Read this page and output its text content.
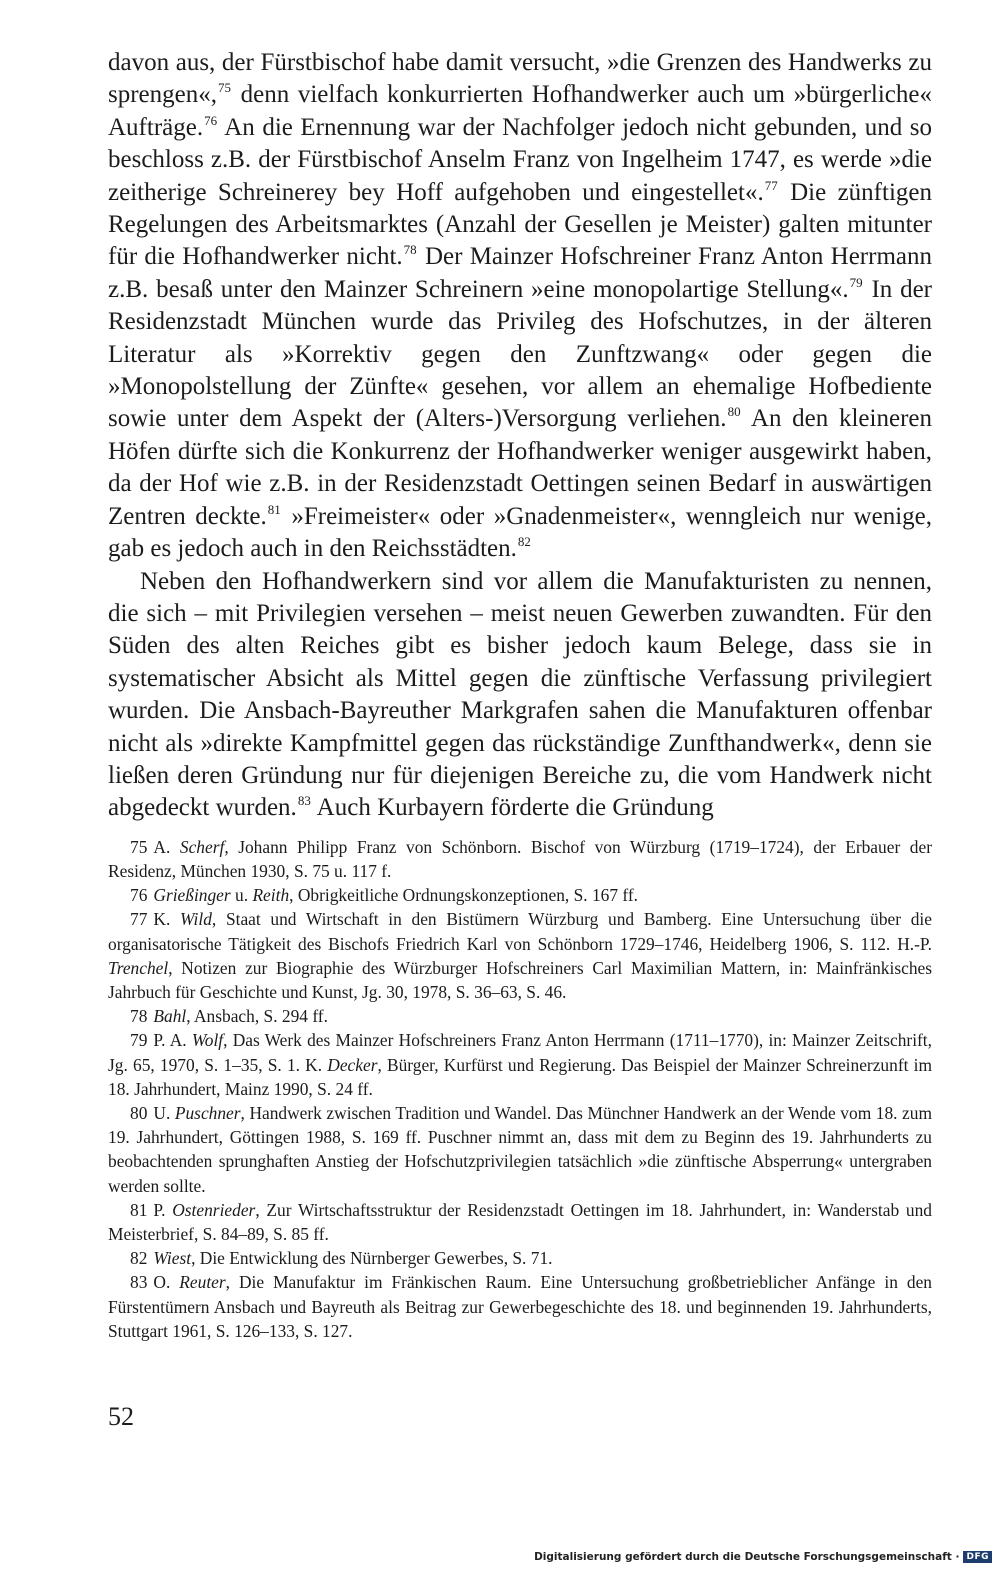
davon aus, der Fürstbischof habe damit versucht, »die Grenzen des Handwerks zu sprengen«,$^{75}$ denn vielfach konkurrierten Hofhandwerker auch um »bürgerliche« Aufträge.$^{76}$ An die Ernennung war der Nachfolger jedoch nicht gebunden, und so beschloss z.B. der Fürstbischof Anselm Franz von Ingelheim 1747, es werde »die zeitherige Schreinerey bey Hoff aufgehoben und eingestellet«.$^{77}$ Die zünftigen Regelungen des Arbeitsmarktes (Anzahl der Gesellen je Meister) galten mitunter für die Hofhandwerker nicht.$^{78}$ Der Mainzer Hofschreiner Franz Anton Herrmann z.B. besaß unter den Mainzer Schreinern »eine monopolartige Stellung«.$^{79}$ In der Residenzstadt München wurde das Privileg des Hofschutzes, in der älteren Literatur als »Korrektiv gegen den Zunftzwang« oder gegen die »Monopolstellung der Zünfte« gesehen, vor allem an ehemalige Hofbediente sowie unter dem Aspekt der (Alters-)Versorgung verliehen.$^{80}$ An den kleineren Höfen dürfte sich die Konkurrenz der Hofhandwerker weniger ausgewirkt haben, da der Hof wie z.B. in der Residenzstadt Oettingen seinen Bedarf in auswärtigen Zentren deckte.$^{81}$ »Freimeister« oder »Gnadenmeister«, wenngleich nur wenige, gab es jedoch auch in den Reichsstädten.$^{82}$

Neben den Hofhandwerkern sind vor allem die Manufakturisten zu nennen, die sich – mit Privilegien versehen – meist neuen Gewerben zuwandten. Für den Süden des alten Reiches gibt es bisher jedoch kaum Belege, dass sie in systematischer Absicht als Mittel gegen die zünftische Verfassung privilegiert wurden. Die Ansbach-Bayreuther Markgrafen sahen die Manufakturen offenbar nicht als »direkte Kampfmittel gegen das rückständige Zunfthandwerk«, denn sie ließen deren Gründung nur für diejenigen Bereiche zu, die vom Handwerk nicht abgedeckt wurden.$^{83}$ Auch Kurbayern förderte die Gründung

75 A. Scherf, Johann Philipp Franz von Schönborn. Bischof von Würzburg (1719–1724), der Erbauer der Residenz, München 1930, S. 75 u. 117 f.

76 Grießinger u. Reith, Obrigkeitliche Ordnungskonzeptionen, S. 167 ff.

77 K. Wild, Staat und Wirtschaft in den Bistümern Würzburg und Bamberg. Eine Untersuchung über die organisatorische Tätigkeit des Bischofs Friedrich Karl von Schönborn 1729–1746, Heidelberg 1906, S. 112. H.-P. Trenchel, Notizen zur Biographie des Würzburger Hofschreiners Carl Maximilian Mattern, in: Mainfränkisches Jahrbuch für Geschichte und Kunst, Jg. 30, 1978, S. 36–63, S. 46.

78 Bahl, Ansbach, S. 294 ff.

79 P. A. Wolf, Das Werk des Mainzer Hofschreiners Franz Anton Herrmann (1711–1770), in: Mainzer Zeitschrift, Jg. 65, 1970, S. 1–35, S. 1. K. Decker, Bürger, Kurfürst und Regierung. Das Beispiel der Mainzer Schreinerzunft im 18. Jahrhundert, Mainz 1990, S. 24 ff.

80 U. Puschner, Handwerk zwischen Tradition und Wandel. Das Münchner Handwerk an der Wende vom 18. zum 19. Jahrhundert, Göttingen 1988, S. 169 ff. Puschner nimmt an, dass mit dem zu Beginn des 19. Jahrhunderts zu beobachtenden sprunghaften Anstieg der Hofschutzprivilegien tatsächlich »die zünftische Absperrung« untergraben werden sollte.

81 P. Ostenrieder, Zur Wirtschaftsstruktur der Residenzstadt Oettingen im 18. Jahrhundert, in: Wanderstab und Meisterbrief, S. 84–89, S. 85 ff.

82 Wiest, Die Entwicklung des Nürnberger Gewerbes, S. 71.

83 O. Reuter, Die Manufaktur im Fränkischen Raum. Eine Untersuchung großbetrieblicher Anfänge in den Fürstentümern Ansbach und Bayreuth als Beitrag zur Gewerbegeschichte des 18. und beginnenden 19. Jahrhunderts, Stuttgart 1961, S. 126–133, S. 127.

52
Digitalisierung gefördert durch die Deutsche Forschungsgemeinschaft · DFG
